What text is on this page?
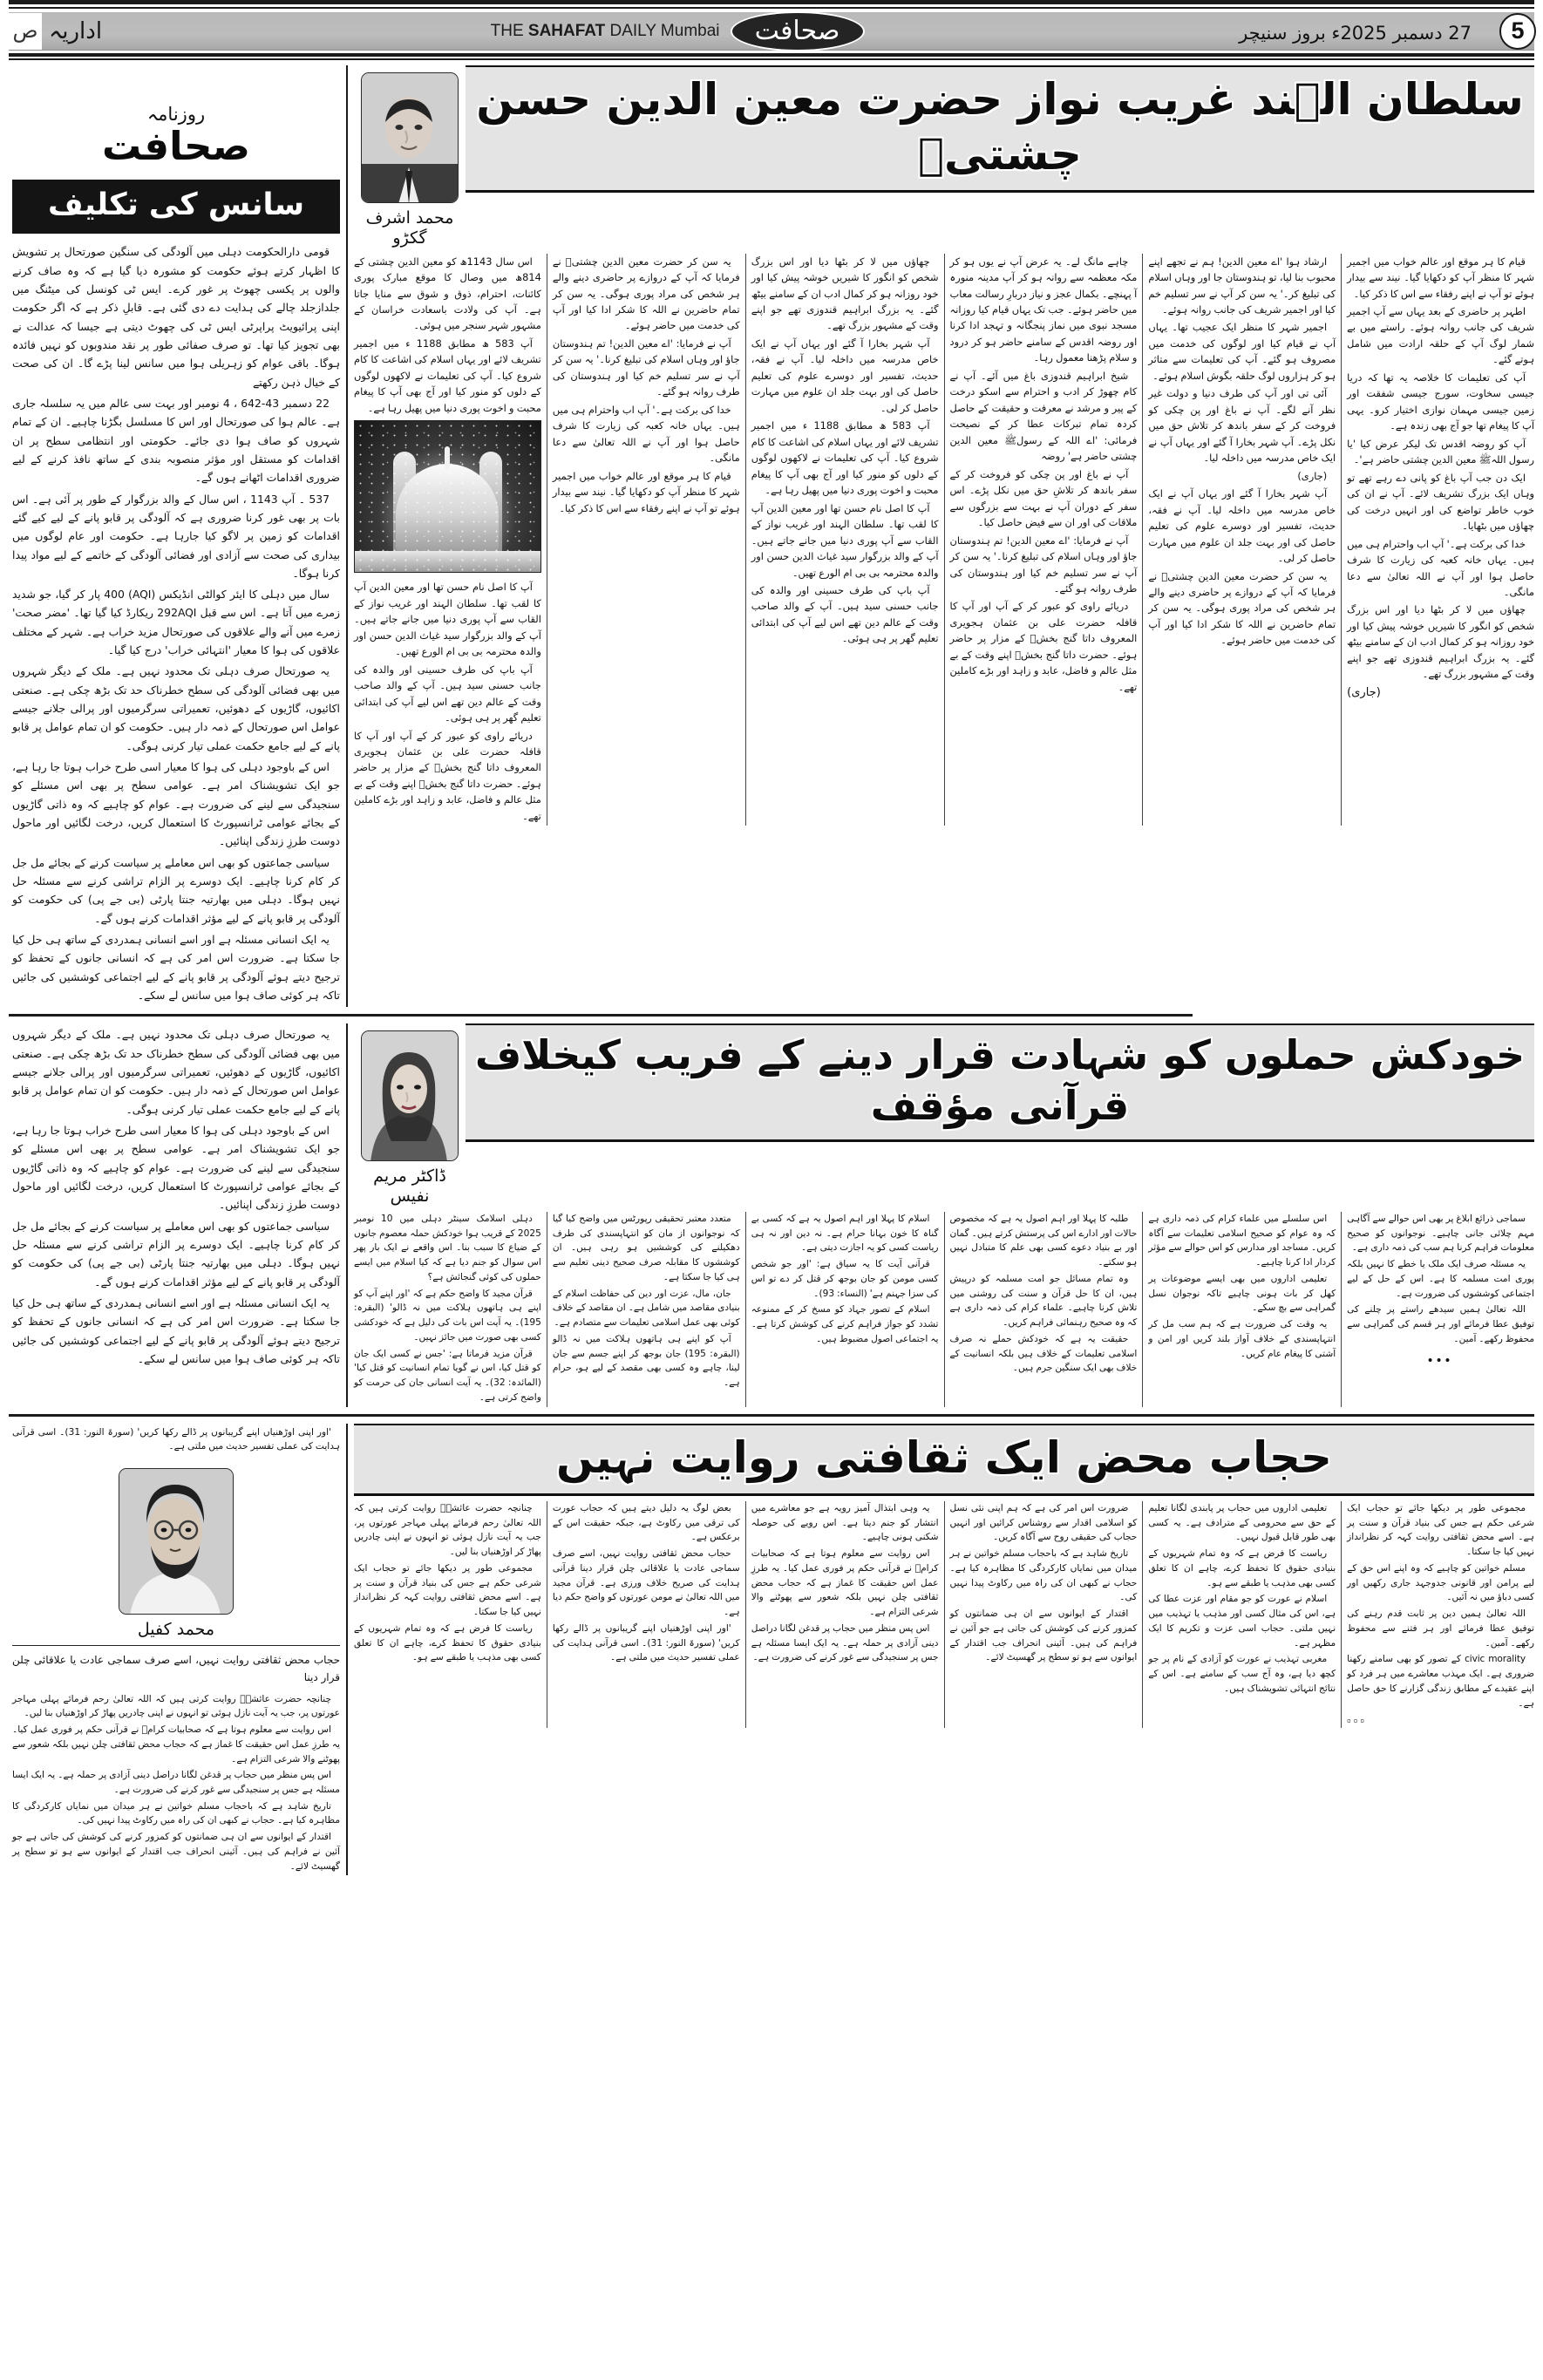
5
27 دسمبر 2025ء بروز سنیچر
صحافت
THE SAHAFAT DAILY Mumbai
اداریہ
ص
سلطان الہند غریب نواز حضرت معین الدین حسن چشتیؒ
محمد اشرف گکڑو

قیام کا ہر موقع اور عالم خواب میں اجمیر شہر کا منظر آپ کو دکھایا گیا۔ نیند سے بیدار ہوئے تو آپ نے اپنے رفقاء سے اس کا ذکر کیا۔

اطہر پر حاضری کے بعد یہاں سے آپ اجمیر شریف کی جانب روانہ ہوئے۔ راستے میں بے شمار لوگ آپ کے حلقہ ارادت میں شامل ہوتے گئے۔

آپ کی تعلیمات کا خلاصہ یہ تھا کہ دریا جیسی سخاوت، سورج جیسی شفقت اور زمین جیسی مہمان نوازی اختیار کرو۔ یہی آپ کا پیغام تھا جو آج بھی زندہ ہے۔

آپ کو روضہ اقدس تک لیکر عرض کیا 'یا رسول اللہﷺ معین الدین چشتی حاضر ہے'۔

ایک دن جب آپ باغ کو پانی دے رہے تھے تو وہاں ایک بزرگ تشریف لائے۔ آپ نے ان کی خوب خاطر تواضع کی اور انہیں درخت کی چھاؤں میں بٹھایا۔

خدا کی برکت ہے۔' آپ اب واحترام ہی میں ہیں۔ یہاں خانہ کعبہ کی زیارت کا شرف حاصل ہوا اور آپ نے اللہ تعالیٰ سے دعا مانگی۔

چھاؤں میں لا کر بٹھا دیا اور اس بزرگ شخص کو انگور کا شیریں خوشہ پیش کیا اور خود روزانہ ہو کر کمال ادب ان کے سامنے بیٹھ گئے۔ یہ بزرگ ابراہیم قندوزی تھے جو اپنے وقت کے مشہور بزرگ تھے۔

(جاری)

ارشاد ہوا 'اے معین الدین! ہم نے تجھے اپنے محبوب بنا لیا، تو ہندوستان جا اور وہاں اسلام کی تبلیغ کر۔' یہ سن کر آپ نے سر تسلیم خم کیا اور اجمیر شریف کی جانب روانہ ہوئے۔

اجمیر شہر کا منظر ایک عجیب تھا۔ یہاں آپ نے قیام کیا اور لوگوں کی خدمت میں مصروف ہو گئے۔ آپ کی تعلیمات سے متاثر ہو کر ہزاروں لوگ حلقہ بگوش اسلام ہوئے۔

آئی تی اور آپ کی طرف دنیا و دولت غیر نظر آنے لگے۔ آپ نے باغ اور پن چکی کو فروخت کر کے سفر باندھ کر تلاش حق میں نکل پڑے۔ آپ شہر بخارا آ گئے اور یہاں آپ نے ایک خاص مدرسہ میں داخلہ لیا۔

(جاری)

آپ شہر بخارا آ گئے اور یہاں آپ نے ایک خاص مدرسہ میں داخلہ لیا۔ آپ نے فقہ، حدیث، تفسیر اور دوسرے علوم کی تعلیم حاصل کی اور بہت جلد ان علوم میں مہارت حاصل کر لی۔

یہ سن کر حضرت معین الدین چشتیؒ نے فرمایا کہ آپ کے دروازے پر حاضری دینے والے ہر شخص کی مراد پوری ہوگی۔ یہ سن کر تمام حاضرین نے اللہ کا شکر ادا کیا اور آپ کی خدمت میں حاضر ہوئے۔

چاہے مانگ لے۔ یہ عرض آپ نے یوں ہو کر مکہ معظمہ سے روانہ ہو کر آپ مدینہ منورہ آ پہنچے۔ بکمال عجز و نیاز دربارِ رسالت معاب میں حاضر ہوئے۔ جب تک یہاں قیام کیا روزانہ مسجد نبوی میں نماز پنجگانہ و تہجد ادا کرنا اور روضہ اقدس کے سامنے حاضر ہو کر درود و سلام پڑھنا معمول رہا۔

شیخ ابراہیم قندوزی باغ میں آئے۔ آپ نے کام چھوڑ کر ادب و احترام سے اسکو درخت کے پیر و مرشد نے معرفت و حقیقت کے حاصل کردہ تمام تبرکات عطا کر کے نصیحت فرمائی: 'اے اللہ کے رسولﷺ معین الدین چشتی حاضر ہے' روضہ

آپ نے باغ اور پن چکی کو فروخت کر کے سفر باندھ کر تلاشِ حق میں نکل پڑے۔ اس سفر کے دوران آپ نے بہت سے بزرگوں سے ملاقات کی اور ان سے فیض حاصل کیا۔

آپ نے فرمایا: 'اے معین الدین! تم ہندوستان جاؤ اور وہاں اسلام کی تبلیغ کرنا۔' یہ سن کر آپ نے سر تسلیم خم کیا اور ہندوستان کی طرف روانہ ہو گئے۔

دریائے راوی کو عبور کر کے آپ اور آپ کا قافلہ حضرت علی بن عثمان ہجویری المعروف داتا گنج بخشؒ کے مزار پر حاضر ہوئے۔ حضرت داتا گنج بخشؒ اپنے وقت کے بے مثل عالم و فاضل، عابد و زاہد اور بڑے کاملین تھے۔

چھاؤں میں لا کر بٹھا دیا اور اس بزرگ شخص کو انگور کا شیریں خوشہ پیش کیا اور خود روزانہ ہو کر کمال ادب ان کے سامنے بیٹھ گئے۔ یہ بزرگ ابراہیم قندوزی تھے جو اپنے وقت کے مشہور بزرگ تھے۔

آپ شہر بخارا آ گئے اور یہاں آپ نے ایک خاص مدرسہ میں داخلہ لیا۔ آپ نے فقہ، حدیث، تفسیر اور دوسرے علوم کی تعلیم حاصل کی اور بہت جلد ان علوم میں مہارت حاصل کر لی۔

آپ 583 ھ مطابق 1188 ء میں اجمیر تشریف لائے اور یہاں اسلام کی اشاعت کا کام شروع کیا۔ آپ کی تعلیمات نے لاکھوں لوگوں کے دلوں کو منور کیا اور آج بھی آپ کا پیغام محبت و اخوت پوری دنیا میں پھیل رہا ہے۔

آپ کا اصل نام حسن تھا اور معین الدین آپ کا لقب تھا۔ سلطان الہند اور غریب نواز کے القاب سے آپ پوری دنیا میں جانے جاتے ہیں۔ آپ کے والد بزرگوار سید غیاث الدین حسن اور والدہ محترمہ بی بی ام الورع تھیں۔

آپ باپ کی طرف حسینی اور والدہ کی جانب حسنی سید ہیں۔ آپ کے والد صاحب وقت کے عالم دین تھے اس لیے آپ کی ابتدائی تعلیم گھر پر ہی ہوئی۔

یہ سن کر حضرت معین الدین چشتیؒ نے فرمایا کہ آپ کے دروازے پر حاضری دینے والے ہر شخص کی مراد پوری ہوگی۔ یہ سن کر تمام حاضرین نے اللہ کا شکر ادا کیا اور آپ کی خدمت میں حاضر ہوئے۔

آپ نے فرمایا: 'اے معین الدین! تم ہندوستان جاؤ اور وہاں اسلام کی تبلیغ کرنا۔' یہ سن کر آپ نے سر تسلیم خم کیا اور ہندوستان کی طرف روانہ ہو گئے۔

خدا کی برکت ہے۔' آپ اب واحترام ہی میں ہیں۔ یہاں خانہ کعبہ کی زیارت کا شرف حاصل ہوا اور آپ نے اللہ تعالیٰ سے دعا مانگی۔

قیام کا ہر موقع اور عالم خواب میں اجمیر شہر کا منظر آپ کو دکھایا گیا۔ نیند سے بیدار ہوئے تو آپ نے اپنے رفقاء سے اس کا ذکر کیا۔

اس سال 1143ھ کو معین الدین چشتی کے 814ھ میں وصال کا موقع مبارک پوری کائنات، احترام، ذوق و شوق سے منایا جاتا ہے۔ آپ کی ولادت باسعادت خراسان کے مشہور شہر سنجر میں ہوئی۔

آپ 583 ھ مطابق 1188 ء میں اجمیر تشریف لائے اور یہاں اسلام کی اشاعت کا کام شروع کیا۔ آپ کی تعلیمات نے لاکھوں لوگوں کے دلوں کو منور کیا اور آج بھی آپ کا پیغام محبت و اخوت پوری دنیا میں پھیل رہا ہے۔

آپ کا اصل نام حسن تھا اور معین الدین آپ کا لقب تھا۔ سلطان الہند اور غریب نواز کے القاب سے آپ پوری دنیا میں جانے جاتے ہیں۔ آپ کے والد بزرگوار سید غیاث الدین حسن اور والدہ محترمہ بی بی ام الورع تھیں۔

آپ باپ کی طرف حسینی اور والدہ کی جانب حسنی سید ہیں۔ آپ کے والد صاحب وقت کے عالم دین تھے اس لیے آپ کی ابتدائی تعلیم گھر پر ہی ہوئی۔

دریائے راوی کو عبور کر کے آپ اور آپ کا قافلہ حضرت علی بن عثمان ہجویری المعروف داتا گنج بخشؒ کے مزار پر حاضر ہوئے۔ حضرت داتا گنج بخشؒ اپنے وقت کے بے مثل عالم و فاضل، عابد و زاہد اور بڑے کاملین تھے۔

روزنامہ
صحافت
سانس کی تکلیف

قومی دارالحکومت دہلی میں آلودگی کی سنگین صورتحال پر تشویش کا اظہار کرتے ہوئے حکومت کو مشورہ دیا گیا ہے کہ وہ صاف کرنے والوں پر پکسی چھوٹ پر غور کرے۔ ایس ٹی کونسل کی میٹنگ میں جلدازجلد چالے کی ہدایت دے دی گئی ہے۔ قابلِ ذکر ہے کہ اگر حکومت اپنی پرائیویٹ پراپرٹی ایس ٹی کی چھوٹ دیتی ہے جیسا کہ عدالت نے بھی تجویز کیا تھا۔ تو صرف صفائی طور پر نقد مندوبوں کو نہیں فائدہ ہوگا۔ باقی عوام کو زہریلی ہوا میں سانس لینا پڑے گا۔ ان کی صحت کے خیال ذہن رکھتے

22 دسمبر 43-642 ، 4 نومبر اور بہت سی عالم میں یہ سلسلہ جاری ہے۔ عالم ہوا کی صورتحال اور اس کا مسلسل بگڑنا چاہیے۔ ان کے تمام شہروں کو صاف ہوا دی جائے۔ حکومتی اور انتظامی سطح پر ان اقدامات کو مستقل اور مؤثر منصوبہ بندی کے ساتھ نافذ کرنے کے لیے ضروری اقدامات اٹھانے ہوں گے۔

537 ۔ آپ 1143 ، اس سال کے والد بزرگوار کے طور پر آئی ہے۔ اس بات پر بھی غور کرنا ضروری ہے کہ آلودگی پر قابو پانے کے لیے کیے گئے اقدامات کو زمین پر لاگو کیا جارہا ہے۔ حکومت اور عام لوگوں میں بیداری کی صحت سے آزادی اور فضائی آلودگی کے خاتمے کے لیے مواد پیدا کرنا ہوگا۔

سال میں دہلی کا ایئر کوالٹی انڈیکس (AQI) 400 پار کر گیا، جو شدید زمرے میں آتا ہے۔ اس سے قبل 292AQI ریکارڈ کیا گیا تھا۔ 'مضر صحت' زمرے میں آنے والے علاقوں کی صورتحال مزید خراب ہے۔ شہر کے مختلف علاقوں کی ہوا کا معیار 'انتہائی خراب' درج کیا گیا۔

یہ صورتحال صرف دہلی تک محدود نہیں ہے۔ ملک کے دیگر شہروں میں بھی فضائی آلودگی کی سطح خطرناک حد تک بڑھ چکی ہے۔ صنعتی اکائیوں، گاڑیوں کے دھوئیں، تعمیراتی سرگرمیوں اور پرالی جلانے جیسے عوامل اس صورتحال کے ذمہ دار ہیں۔ حکومت کو ان تمام عوامل پر قابو پانے کے لیے جامع حکمت عملی تیار کرنی ہوگی۔

اس کے باوجود دہلی کی ہوا کا معیار اسی طرح خراب ہوتا جا رہا ہے، جو ایک تشویشناک امر ہے۔ عوامی سطح پر بھی اس مسئلے کو سنجیدگی سے لینے کی ضرورت ہے۔ عوام کو چاہیے کہ وہ ذاتی گاڑیوں کے بجائے عوامی ٹرانسپورٹ کا استعمال کریں، درخت لگائیں اور ماحول دوست طرزِ زندگی اپنائیں۔

سیاسی جماعتوں کو بھی اس معاملے پر سیاست کرنے کے بجائے مل جل کر کام کرنا چاہیے۔ ایک دوسرے پر الزام تراشی کرنے سے مسئلہ حل نہیں ہوگا۔ دہلی میں بھارتیہ جنتا پارٹی (بی جے پی) کی حکومت کو آلودگی پر قابو پانے کے لیے مؤثر اقدامات کرنے ہوں گے۔

یہ ایک انسانی مسئلہ ہے اور اسے انسانی ہمدردی کے ساتھ ہی حل کیا جا سکتا ہے۔ ضرورت اس امر کی ہے کہ انسانی جانوں کے تحفظ کو ترجیح دیتے ہوئے آلودگی پر قابو پانے کے لیے اجتماعی کوششیں کی جائیں تاکہ ہر کوئی صاف ہوا میں سانس لے سکے۔

خودکش حملوں کو شہادت قرار دینے کے فریب کیخلاف قرآنی مؤقف
ڈاکٹر مریم نفیس

سماجی ذرائع ابلاغ پر بھی اس حوالے سے آگاہی مہم چلائی جانی چاہیے۔ نوجوانوں کو صحیح معلومات فراہم کرنا ہم سب کی ذمہ داری ہے۔

یہ مسئلہ صرف ایک ملک یا خطے کا نہیں بلکہ پوری امت مسلمہ کا ہے۔ اس کے حل کے لیے اجتماعی کوششوں کی ضرورت ہے۔

اللہ تعالیٰ ہمیں سیدھے راستے پر چلنے کی توفیق عطا فرمائے اور ہر قسم کی گمراہی سے محفوظ رکھے۔ آمین۔

•••

اس سلسلے میں علماء کرام کی ذمہ داری ہے کہ وہ عوام کو صحیح اسلامی تعلیمات سے آگاہ کریں۔ مساجد اور مدارس کو اس حوالے سے مؤثر کردار ادا کرنا چاہیے۔

تعلیمی اداروں میں بھی ایسے موضوعات پر کھل کر بات ہونی چاہیے تاکہ نوجوان نسل گمراہی سے بچ سکے۔

یہ وقت کی ضرورت ہے کہ ہم سب مل کر انتہاپسندی کے خلاف آواز بلند کریں اور امن و آشتی کا پیغام عام کریں۔

طلبہ کا پہلا اور اہم اصول یہ ہے کہ مخصوص حالات اور ادارے اس کی پرستش کرتے ہیں۔ گمان اور بے بنیاد دعوے کسی بھی علم کا متبادل نہیں ہو سکتے۔

وہ تمام مسائل جو امت مسلمہ کو درپیش ہیں، ان کا حل قرآن و سنت کی روشنی میں تلاش کرنا چاہیے۔ علماء کرام کی ذمہ داری ہے کہ وہ صحیح رہنمائی فراہم کریں۔

حقیقت یہ ہے کہ خودکش حملے نہ صرف اسلامی تعلیمات کے خلاف ہیں بلکہ انسانیت کے خلاف بھی ایک سنگین جرم ہیں۔

اسلام کا پہلا اور اہم اصول یہ ہے کہ کسی بے گناہ کا خون بہانا حرام ہے۔ نہ دین اور نہ ہی ریاست کسی کو یہ اجازت دیتی ہے۔

قرآنی آیت کا یہ سیاق ہے: 'اور جو شخص کسی مومن کو جان بوجھ کر قتل کر دے تو اس کی سزا جہنم ہے' (النساء: 93)۔

اسلام کے تصور جہاد کو مسخ کر کے ممنوعہ تشدد کو جواز فراہم کرنے کی کوشش کرتا ہے۔ یہ اجتماعی اصول مضبوط ہیں۔

متعدد معتبر تحقیقی رپورٹس میں واضح کیا گیا کہ نوجوانوں از مان کو انتہاپسندی کی طرف دھکیلنے کی کوششیں ہو رہی ہیں۔ ان کوششوں کا مقابلہ صرف صحیح دینی تعلیم سے ہی کیا جا سکتا ہے۔

جان، مال، عزت اور دین کی حفاظت اسلام کے بنیادی مقاصد میں شامل ہے۔ ان مقاصد کے خلاف کوئی بھی عمل اسلامی تعلیمات سے متصادم ہے۔

آپ کو اپنے ہی ہاتھوں ہلاکت میں نہ ڈالو (البقرہ: 195) جان بوجھ کر اپنے جسم سے جان لینا، چاہے وہ کسی بھی مقصد کے لیے ہو، حرام ہے۔

دہلی اسلامک سینٹر دہلی میں 10 نومبر 2025 کے قریب ہوا خودکش حملہ معصوم جانوں کے ضیاع کا سبب بنا۔ اس واقعے نے ایک بار پھر اس سوال کو جنم دیا ہے کہ کیا اسلام میں ایسے حملوں کی کوئی گنجائش ہے؟

قرآن مجید کا واضح حکم ہے کہ 'اور اپنے آپ کو اپنے ہی ہاتھوں ہلاکت میں نہ ڈالو' (البقرہ: 195)۔ یہ آیت اس بات کی دلیل ہے کہ خودکشی کسی بھی صورت میں جائز نہیں۔

قرآن مزید فرماتا ہے: 'جس نے کسی ایک جان کو قتل کیا، اس نے گویا تمام انسانیت کو قتل کیا' (المائدہ: 32)۔ یہ آیت انسانی جان کی حرمت کو واضح کرتی ہے۔

یہ صورتحال صرف دہلی تک محدود نہیں ہے۔ ملک کے دیگر شہروں میں بھی فضائی آلودگی کی سطح خطرناک حد تک بڑھ چکی ہے۔ صنعتی اکائیوں، گاڑیوں کے دھوئیں، تعمیراتی سرگرمیوں اور پرالی جلانے جیسے عوامل اس صورتحال کے ذمہ دار ہیں۔ حکومت کو ان تمام عوامل پر قابو پانے کے لیے جامع حکمت عملی تیار کرنی ہوگی۔

اس کے باوجود دہلی کی ہوا کا معیار اسی طرح خراب ہوتا جا رہا ہے، جو ایک تشویشناک امر ہے۔ عوامی سطح پر بھی اس مسئلے کو سنجیدگی سے لینے کی ضرورت ہے۔ عوام کو چاہیے کہ وہ ذاتی گاڑیوں کے بجائے عوامی ٹرانسپورٹ کا استعمال کریں، درخت لگائیں اور ماحول دوست طرزِ زندگی اپنائیں۔

سیاسی جماعتوں کو بھی اس معاملے پر سیاست کرنے کے بجائے مل جل کر کام کرنا چاہیے۔ ایک دوسرے پر الزام تراشی کرنے سے مسئلہ حل نہیں ہوگا۔ دہلی میں بھارتیہ جنتا پارٹی (بی جے پی) کی حکومت کو آلودگی پر قابو پانے کے لیے مؤثر اقدامات کرنے ہوں گے۔

یہ ایک انسانی مسئلہ ہے اور اسے انسانی ہمدردی کے ساتھ ہی حل کیا جا سکتا ہے۔ ضرورت اس امر کی ہے کہ انسانی جانوں کے تحفظ کو ترجیح دیتے ہوئے آلودگی پر قابو پانے کے لیے اجتماعی کوششیں کی جائیں تاکہ ہر کوئی صاف ہوا میں سانس لے سکے۔

حجاب محض ایک ثقافتی روایت نہیں

مجموعی طور پر دیکھا جائے تو حجاب ایک شرعی حکم ہے جس کی بنیاد قرآن و سنت پر ہے۔ اسے محض ثقافتی روایت کہہ کر نظرانداز نہیں کیا جا سکتا۔

مسلم خواتین کو چاہیے کہ وہ اپنے اس حق کے لیے پرامن اور قانونی جدوجہد جاری رکھیں اور کسی دباؤ میں نہ آئیں۔

اللہ تعالیٰ ہمیں دین پر ثابت قدم رہنے کی توفیق عطا فرمائے اور ہر فتنے سے محفوظ رکھے۔ آمین۔

civic morality کے تصور کو بھی سامنے رکھنا ضروری ہے۔ ایک مہذب معاشرے میں ہر فرد کو اپنے عقیدے کے مطابق زندگی گزارنے کا حق حاصل ہے۔

▫▫▫

تعلیمی اداروں میں حجاب پر پابندی لگانا تعلیم کے حق سے محرومی کے مترادف ہے۔ یہ کسی بھی طور قابل قبول نہیں۔

ریاست کا فرض ہے کہ وہ تمام شہریوں کے بنیادی حقوق کا تحفظ کرے، چاہے ان کا تعلق کسی بھی مذہب یا طبقے سے ہو۔

اسلام نے عورت کو جو مقام اور عزت عطا کی ہے، اس کی مثال کسی اور مذہب یا تہذیب میں نہیں ملتی۔ حجاب اسی عزت و تکریم کا ایک مظہر ہے۔

مغربی تہذیب نے عورت کو آزادی کے نام پر جو کچھ دیا ہے، وہ آج سب کے سامنے ہے۔ اس کے نتائج انتہائی تشویشناک ہیں۔

ضرورت اس امر کی ہے کہ ہم اپنی نئی نسل کو اسلامی اقدار سے روشناس کرائیں اور انہیں حجاب کی حقیقی روح سے آگاہ کریں۔

تاریخ شاہد ہے کہ باحجاب مسلم خواتین نے ہر میدان میں نمایاں کارکردگی کا مظاہرہ کیا ہے۔ حجاب نے کبھی ان کی راہ میں رکاوٹ پیدا نہیں کی۔

اقتدار کے ایوانوں سے ان ہی ضمانتوں کو کمزور کرنے کی کوشش کی جاتی ہے جو آئین نے فراہم کی ہیں۔ آئینی انحراف جب اقتدار کے ایوانوں سے ہو تو سطح پر گھسیٹ لائے۔

یہ وہی ابتذال آمیز رویہ ہے جو معاشرے میں انتشار کو جنم دیتا ہے۔ اس رویے کی حوصلہ شکنی ہونی چاہیے۔

اس روایت سے معلوم ہوتا ہے کہ صحابیات کرامؓ نے قرآنی حکم پر فوری عمل کیا۔ یہ طرزِ عمل اس حقیقت کا غماز ہے کہ حجاب محض ثقافتی چلن نہیں بلکہ شعور سے پھوٹنے والا شرعی التزام ہے۔

اس پس منظر میں حجاب پر قدغن لگانا دراصل دینی آزادی پر حملہ ہے۔ یہ ایک ایسا مسئلہ ہے جس پر سنجیدگی سے غور کرنے کی ضرورت ہے۔

بعض لوگ یہ دلیل دیتے ہیں کہ حجاب عورت کی ترقی میں رکاوٹ ہے، جبکہ حقیقت اس کے برعکس ہے۔

حجاب محض ثقافتی روایت نہیں، اسے صرف سماجی عادت یا علاقائی چلن قرار دینا قرآنی ہدایت کی صریح خلاف ورزی ہے۔ قرآن مجید میں اللہ تعالیٰ نے مومن عورتوں کو واضح حکم دیا ہے۔

'اور اپنی اوڑھنیاں اپنے گریبانوں پر ڈالے رکھا کریں' (سورۃ النور: 31)۔ اسی قرآنی ہدایت کی عملی تفسیر حدیث میں ملتی ہے۔

چنانچہ حضرت عائشہؓ روایت کرتی ہیں کہ اللہ تعالیٰ رحم فرمائے پہلی مہاجر عورتوں پر، جب یہ آیت نازل ہوئی تو انہوں نے اپنی چادریں پھاڑ کر اوڑھنیاں بنا لیں۔

مجموعی طور پر دیکھا جائے تو حجاب ایک شرعی حکم ہے جس کی بنیاد قرآن و سنت پر ہے۔ اسے محض ثقافتی روایت کہہ کر نظرانداز نہیں کیا جا سکتا۔

ریاست کا فرض ہے کہ وہ تمام شہریوں کے بنیادی حقوق کا تحفظ کرے، چاہے ان کا تعلق کسی بھی مذہب یا طبقے سے ہو۔

'اور اپنی اوڑھنیاں اپنے گریبانوں پر ڈالے رکھا کریں' (سورۃ النور: 31)۔ اسی قرآنی ہدایت کی عملی تفسیر حدیث میں ملتی ہے۔

محمد کفیل
حجاب محض ثقافتی روایت نہیں، اسے صرف سماجی عادت یا علاقائی چلن قرار دینا

چنانچہ حضرت عائشہؓ روایت کرتی ہیں کہ اللہ تعالیٰ رحم فرمائے پہلی مہاجر عورتوں پر، جب یہ آیت نازل ہوئی تو انہوں نے اپنی چادریں پھاڑ کر اوڑھنیاں بنا لیں۔

اس روایت سے معلوم ہوتا ہے کہ صحابیات کرامؓ نے قرآنی حکم پر فوری عمل کیا۔ یہ طرزِ عمل اس حقیقت کا غماز ہے کہ حجاب محض ثقافتی چلن نہیں بلکہ شعور سے پھوٹنے والا شرعی التزام ہے۔

اس پس منظر میں حجاب پر قدغن لگانا دراصل دینی آزادی پر حملہ ہے۔ یہ ایک ایسا مسئلہ ہے جس پر سنجیدگی سے غور کرنے کی ضرورت ہے۔

تاریخ شاہد ہے کہ باحجاب مسلم خواتین نے ہر میدان میں نمایاں کارکردگی کا مظاہرہ کیا ہے۔ حجاب نے کبھی ان کی راہ میں رکاوٹ پیدا نہیں کی۔

اقتدار کے ایوانوں سے ان ہی ضمانتوں کو کمزور کرنے کی کوشش کی جاتی ہے جو آئین نے فراہم کی ہیں۔ آئینی انحراف جب اقتدار کے ایوانوں سے ہو تو سطح پر گھسیٹ لائے۔
